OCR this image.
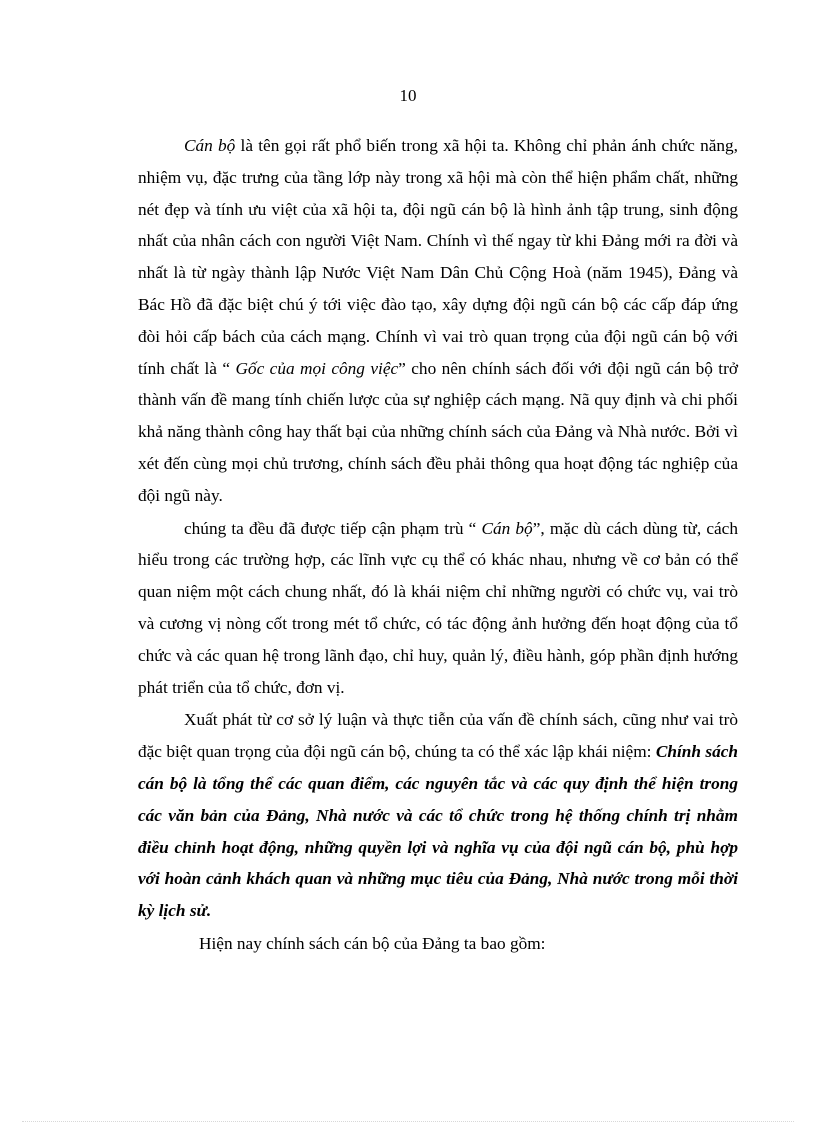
10

Cán bộ là tên gọi rất phổ biến trong xã hội ta. Không chỉ phản ánh chức năng, nhiệm vụ, đặc trưng của tầng lớp này trong xã hội mà còn thể hiện phẩm chất, những nét đẹp và tính ưu việt của xã hội ta, đội ngũ cán bộ là hình ảnh tập trung, sinh động nhất của nhân cách con người Việt Nam. Chính vì thế ngay từ khi Đảng mới ra đời và nhất là từ ngày thành lập Nước Việt Nam Dân Chủ Cộng Hoà (năm 1945), Đảng và Bác Hồ đã đặc biệt chú ý tới việc đào tạo, xây dựng đội ngũ cán bộ các cấp đáp ứng đòi hỏi cấp bách của cách mạng. Chính vì vai trò quan trọng của đội ngũ cán bộ với tính chất là “ Gốc của mọi công việc” cho nên chính sách đối với đội ngũ cán bộ trở thành vấn đề mang tính chiến lược của sự nghiệp cách mạng. Nã quy định và chi phối khả năng thành công hay thất bại của những chính sách của Đảng và Nhà nước. Bởi vì xét đến cùng mọi chủ trương, chính sách đều phải thông qua hoạt động tác nghiệp của đội ngũ này.

chúng ta đều đã được tiếp cận phạm trù “ Cán bộ”, mặc dù cách dùng từ, cách hiểu trong các trường hợp, các lĩnh vực cụ thể có khác nhau, nhưng về cơ bản có thể quan niệm một cách chung nhất, đó là khái niệm chỉ những người có chức vụ, vai trò và cương vị nòng cốt trong mét tổ chức, có tác động ảnh hưởng đến hoạt động của tổ chức và các quan hệ trong lãnh đạo, chỉ huy, quản lý, điều hành, góp phần định hướng phát triển của tổ chức, đơn vị.

Xuất phát từ cơ sở lý luận và thực tiễn của vấn đề chính sách, cũng như vai trò đặc biệt quan trọng của đội ngũ cán bộ, chúng ta có thể xác lập khái niệm: Chính sách cán bộ là tổng thể các quan điểm, các nguyên tắc và các quy định thể hiện trong các văn bản của Đảng, Nhà nước và các tổ chức trong hệ thống chính trị nhằm điều chỉnh hoạt động, những quyền lợi và nghĩa vụ của đội ngũ cán bộ, phù hợp với hoàn cảnh khách quan và những mục tiêu của Đảng, Nhà nước trong mỗi thời kỳ lịch sử.

Hiện nay chính sách cán bộ của Đảng ta bao gồm:
